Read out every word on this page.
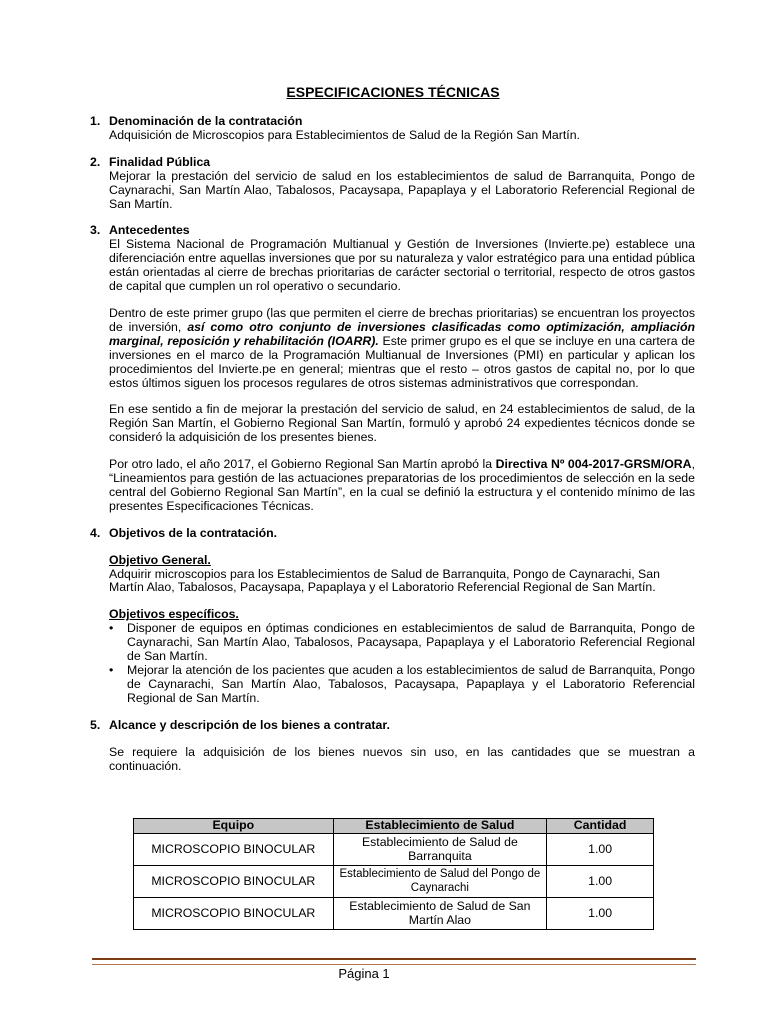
ESPECIFICACIONES TÉCNICAS
1. Denominación de la contratación
Adquisición de Microscopios para Establecimientos de Salud de la Región San Martín.
2. Finalidad Pública
Mejorar la prestación del servicio de salud en los establecimientos de salud de Barranquita, Pongo de Caynarachi, San Martín Alao, Tabalosos, Pacaysapa, Papaplaya y el Laboratorio Referencial Regional de San Martín.
3. Antecedentes
El Sistema Nacional de Programación Multianual y Gestión de Inversiones (Invierte.pe) establece una diferenciación entre aquellas inversiones que por su naturaleza y valor estratégico para una entidad pública están orientadas al cierre de brechas prioritarias de carácter sectorial o territorial, respecto de otros gastos de capital que cumplen un rol operativo o secundario.
Dentro de este primer grupo (las que permiten el cierre de brechas prioritarias) se encuentran los proyectos de inversión, así como otro conjunto de inversiones clasificadas como optimización, ampliación marginal, reposición y rehabilitación (IOARR). Este primer grupo es el que se incluye en una cartera de inversiones en el marco de la Programación Multianual de Inversiones (PMI) en particular y aplican los procedimientos del Invierte.pe en general; mientras que el resto – otros gastos de capital no, por lo que estos últimos siguen los procesos regulares de otros sistemas administrativos que correspondan.
En ese sentido a fin de mejorar la prestación del servicio de salud, en 24 establecimientos de salud, de la Región San Martín, el Gobierno Regional San Martín, formuló y aprobó 24 expedientes técnicos donde se consideró la adquisición de los presentes bienes.
Por otro lado, el año 2017, el Gobierno Regional San Martín aprobó la Directiva Nº 004-2017-GRSM/ORA, “Lineamientos para gestión de las actuaciones preparatorias de los procedimientos de selección en la sede central del Gobierno Regional San Martín”, en la cual se definió la estructura y el contenido mínimo de las presentes Especificaciones Técnicas.
4. Objetivos de la contratación.
Objetivo General.
Adquirir microscopios para los Establecimientos de Salud de Barranquita, Pongo de Caynarachi, San Martín Alao, Tabalosos, Pacaysapa, Papaplaya y el Laboratorio Referencial Regional de San Martín.
Objetivos específicos.
• Disponer de equipos en óptimas condiciones en establecimientos de salud de Barranquita, Pongo de Caynarachi, San Martín Alao, Tabalosos, Pacaysapa, Papaplaya y el Laboratorio Referencial Regional de San Martín.
• Mejorar la atención de los pacientes que acuden a los establecimientos de salud de Barranquita, Pongo de Caynarachi, San Martín Alao, Tabalosos, Pacaysapa, Papaplaya y el Laboratorio Referencial Regional de San Martín.
5. Alcance y descripción de los bienes a contratar.
Se requiere la adquisición de los bienes nuevos sin uso, en las cantidades que se muestran a continuación.
Equipo	Establecimiento de Salud	Cantidad
MICROSCOPIO BINOCULAR	Establecimiento de Salud de Barranquita	1.00
MICROSCOPIO BINOCULAR	Establecimiento de Salud del Pongo de Caynarachi	1.00
MICROSCOPIO BINOCULAR	Establecimiento de Salud de San Martín Alao	1.00
Página 1
